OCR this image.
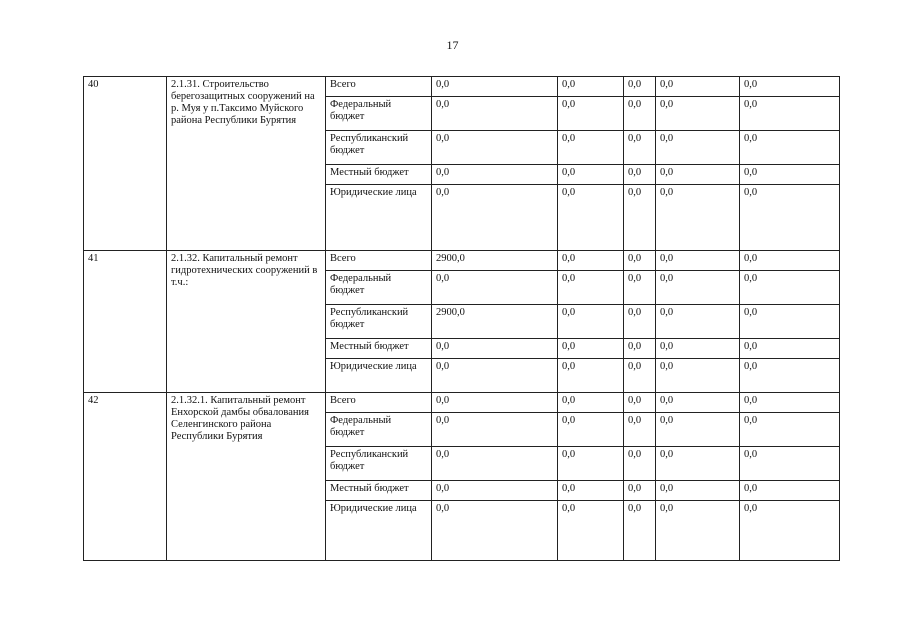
17
40	2.1.31. Строительство берегозащитных сооружений на р. Муя у п.Таксимо Муйского района Республики Бурятия	Всего	0,0	0,0	0,0	0,0	0,0
		Федеральный бюджет	0,0	0,0	0,0	0,0	0,0
		Республиканский бюджет	0,0	0,0	0,0	0,0	0,0
		Местный бюджет	0,0	0,0	0,0	0,0	0,0
		Юридические лица	0,0	0,0	0,0	0,0	0,0
41	2.1.32. Капитальный ремонт гидротехнических сооружений в т.ч.:	Всего	2900,0	0,0	0,0	0,0	0,0
		Федеральный бюджет	0,0	0,0	0,0	0,0	0,0
		Республиканский бюджет	2900,0	0,0	0,0	0,0	0,0
		Местный бюджет	0,0	0,0	0,0	0,0	0,0
		Юридические лица	0,0	0,0	0,0	0,0	0,0
42	2.1.32.1. Капитальный ремонт Енхорской дамбы обвалования Селенгинского района Республики Бурятия	Всего	0,0	0,0	0,0	0,0	0,0
		Федеральный бюджет	0,0	0,0	0,0	0,0	0,0
		Республиканский бюджет	0,0	0,0	0,0	0,0	0,0
		Местный бюджет	0,0	0,0	0,0	0,0	0,0
		Юридические лица	0,0	0,0	0,0	0,0	0,0
